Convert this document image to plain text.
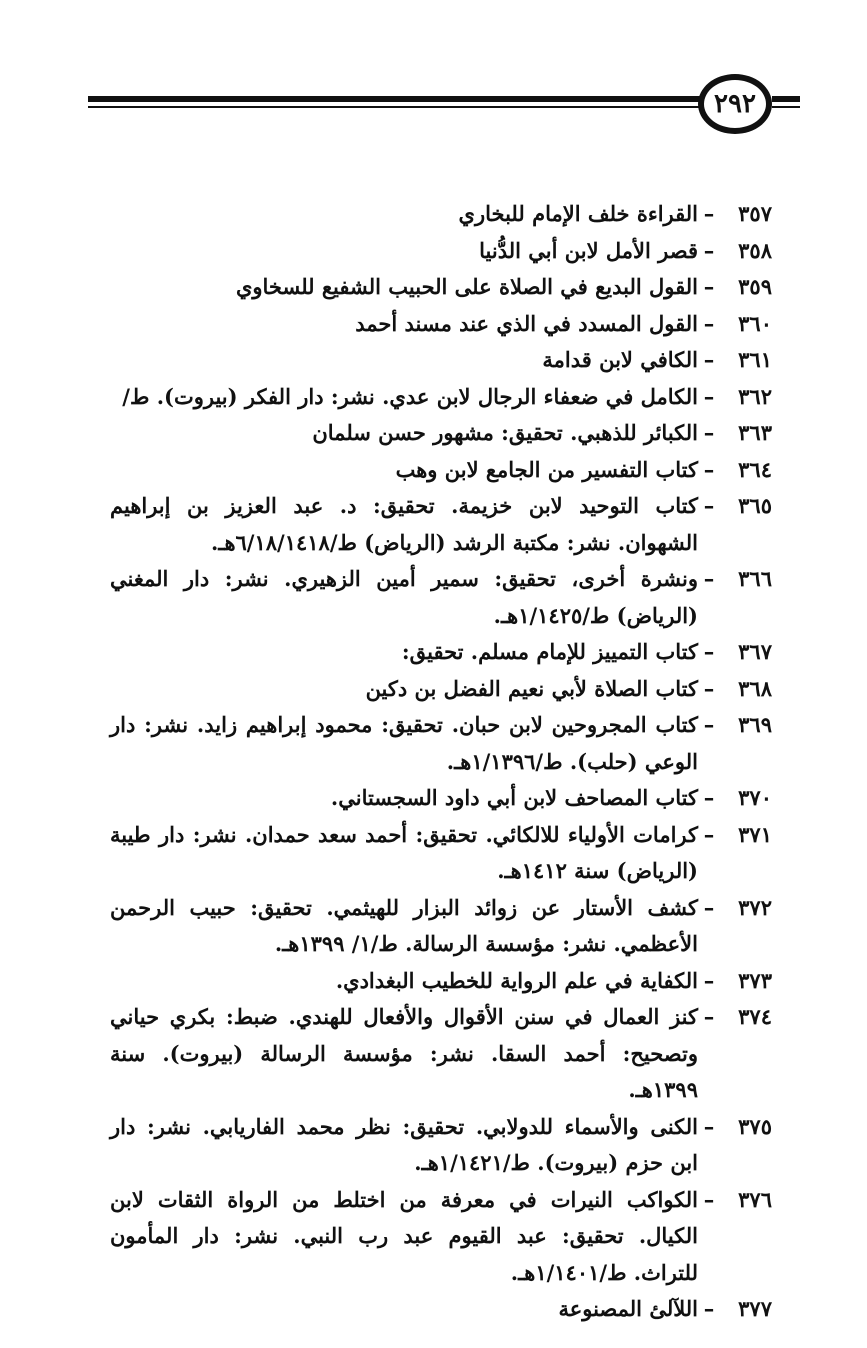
٢٩٢
٣٥٧
–
القراءة خلف الإمام للبخاري
٣٥٨
–
قصر الأمل لابن أبي الدُّنيا
٣٥٩
–
القول البديع في الصلاة على الحبيب الشفيع للسخاوي
٣٦٠
–
القول المسدد في الذي عند مسند أحمد
٣٦١
–
الكافي لابن قدامة
٣٦٢
–
الكامل في ضعفاء الرجال لابن عدي. نشر: دار الفكر (بيروت). ط/
٣٦٣
–
الكبائر للذهبي. تحقيق: مشهور حسن سلمان
٣٦٤
–
كتاب التفسير من الجامع لابن وهب
٣٦٥
–
كتاب التوحيد لابن خزيمة. تحقيق: د. عبد العزيز بن إبراهيم الشهوان. نشر: مكتبة الرشد (الرياض) ط/٦/١٨/١٤١٨هـ.
٣٦٦
–
ونشرة أخرى، تحقيق: سمير أمين الزهيري. نشر: دار المغني (الرياض) ط/١/١٤٢٥هـ.
٣٦٧
–
كتاب التمييز للإمام مسلم. تحقيق:
٣٦٨
–
كتاب الصلاة لأبي نعيم الفضل بن دكين
٣٦٩
–
كتاب المجروحين لابن حبان. تحقيق: محمود إبراهيم زايد. نشر: دار الوعي (حلب). ط/١/١٣٩٦هـ.
٣٧٠
–
كتاب المصاحف لابن أبي داود السجستاني.
٣٧١
–
كرامات الأولياء للالكائي. تحقيق: أحمد سعد حمدان. نشر: دار طيبة (الرياض) سنة ١٤١٢هـ.
٣٧٢
–
كشف الأستار عن زوائد البزار للهيثمي. تحقيق: حبيب الرحمن الأعظمي. نشر: مؤسسة الرسالة. ط/١/ ١٣٩٩هـ.
٣٧٣
–
الكفاية في علم الرواية للخطيب البغدادي.
٣٧٤
–
كنز العمال في سنن الأقوال والأفعال للهندي. ضبط: بكري حياني وتصحيح: أحمد السقا. نشر: مؤسسة الرسالة (بيروت). سنة ١٣٩٩هـ.
٣٧٥
–
الكنى والأسماء للدولابي. تحقيق: نظر محمد الفاريابي. نشر: دار ابن حزم (بيروت). ط/١/١٤٢١هـ.
٣٧٦
–
الكواكب النيرات في معرفة من اختلط من الرواة الثقات لابن الكيال. تحقيق: عبد القيوم عبد رب النبي. نشر: دار المأمون للتراث. ط/١/١٤٠١هـ.
٣٧٧
–
اللآلئ المصنوعة
